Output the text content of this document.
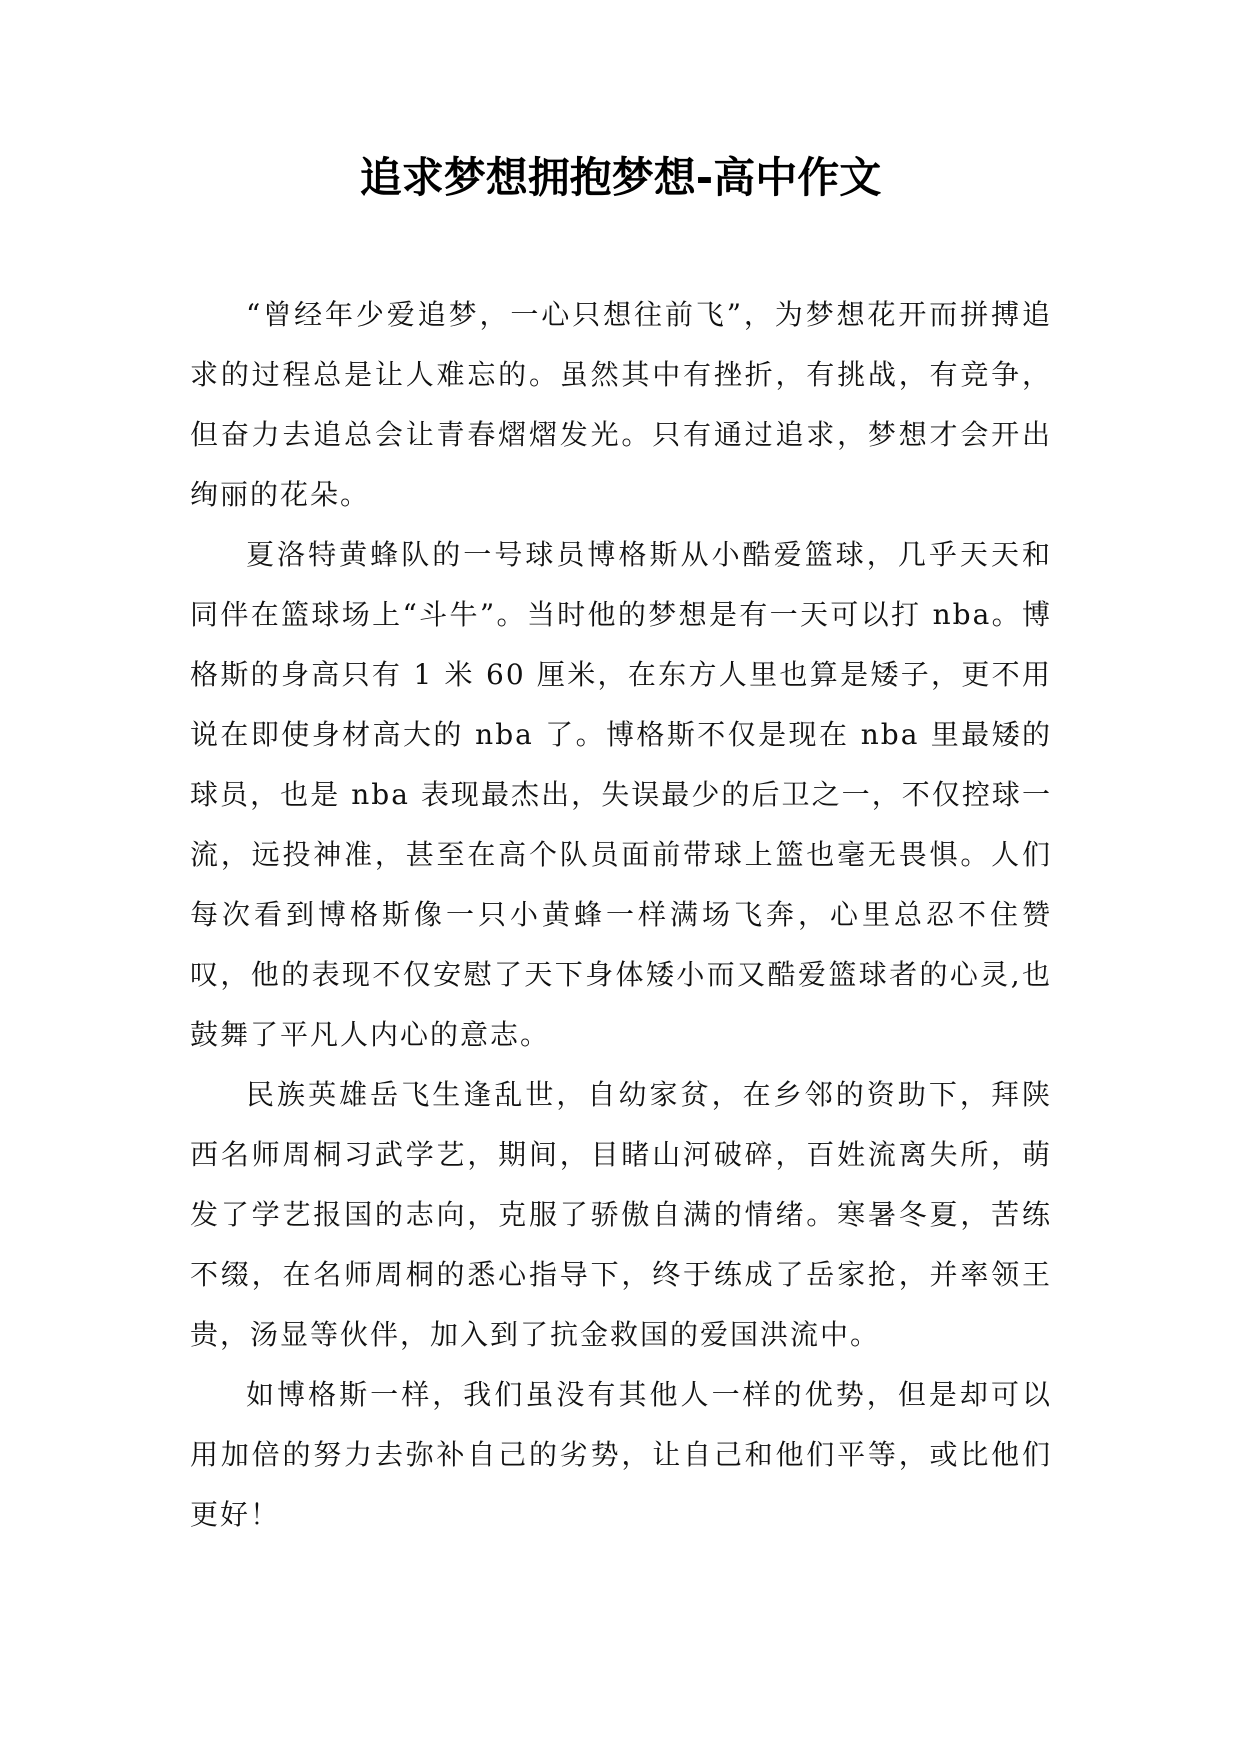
追求梦想拥抱梦想-高中作文

“曾经年少爱追梦，一心只想往前飞”，为梦想花开而拼搏追求的过程总是让人难忘的。虽然其中有挫折，有挑战，有竞争，但奋力去追总会让青春熠熠发光。只有通过追求，梦想才会开出绚丽的花朵。

夏洛特黄蜂队的一号球员博格斯从小酷爱篮球，几乎天天和同伴在篮球场上“斗牛”。当时他的梦想是有一天可以打 nba。博格斯的身高只有 1 米 60 厘米，在东方人里也算是矮子，更不用说在即使身材高大的 nba 了。博格斯不仅是现在 nba 里最矮的球员，也是 nba 表现最杰出，失误最少的后卫之一，不仅控球一流，远投神准，甚至在高个队员面前带球上篮也毫无畏惧。人们每次看到博格斯像一只小黄蜂一样满场飞奔，心里总忍不住赞叹，他的表现不仅安慰了天下身体矮小而又酷爱篮球者的心灵,也鼓舞了平凡人内心的意志。

民族英雄岳飞生逢乱世，自幼家贫，在乡邻的资助下，拜陕西名师周桐习武学艺，期间，目睹山河破碎，百姓流离失所，萌发了学艺报国的志向，克服了骄傲自满的情绪。寒暑冬夏，苦练不缀，在名师周桐的悉心指导下，终于练成了岳家抢，并率领王贵，汤显等伙伴，加入到了抗金救国的爱国洪流中。

如博格斯一样，我们虽没有其他人一样的优势，但是却可以用加倍的努力去弥补自己的劣势，让自己和他们平等，或比他们更好！
